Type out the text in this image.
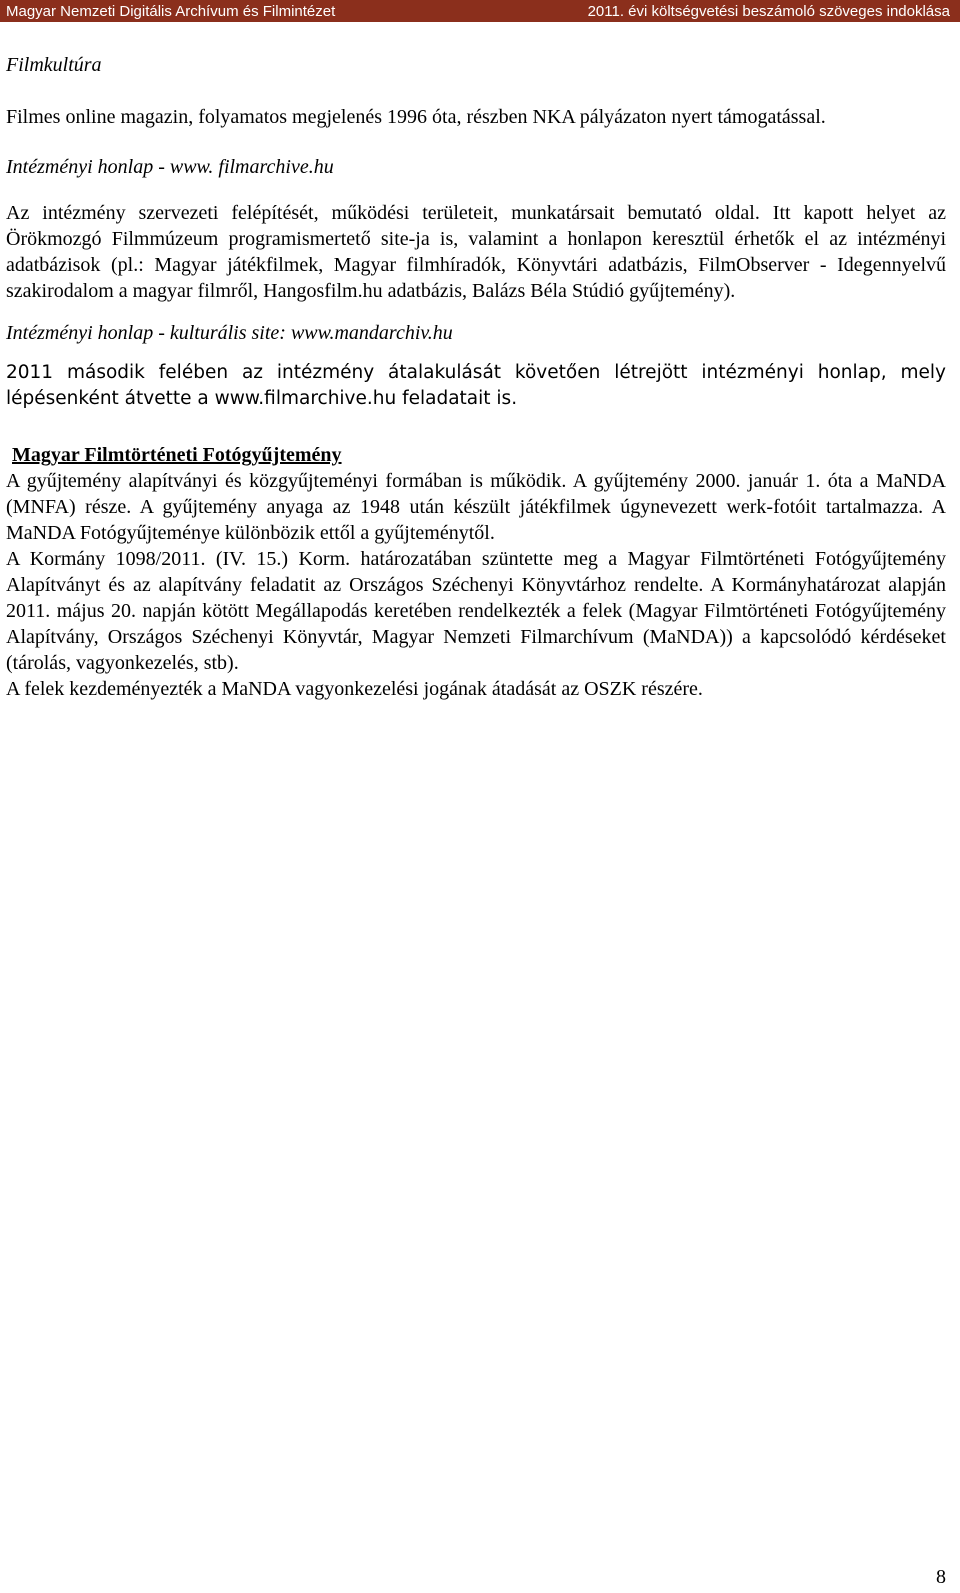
Magyar Nemzeti Digitális Archívum és Filmintézet	2011. évi költségvetési beszámoló szöveges indoklása

Filmkultúra

Filmes online magazin, folyamatos megjelenés 1996 óta, részben NKA pályázaton nyert támogatással.

Intézményi honlap - www. filmarchive.hu

Az intézmény szervezeti felépítését, működési területeit, munkatársait bemutató oldal. Itt kapott helyet az Örökmozgó Filmmúzeum programismertető site-ja is, valamint a honlapon keresztül érhetők el az intézményi adatbázisok (pl.: Magyar játékfilmek, Magyar filmhíradók, Könyvtári adatbázis, FilmObserver - Idegennyelvű szakirodalom a magyar filmről, Hangosfilm.hu adatbázis, Balázs Béla Stúdió gyűjtemény).

Intézményi honlap - kulturális site: www.mandarchiv.hu

2011 második felében az intézmény átalakulását követően létrejött intézményi honlap, mely lépésenként átvette a www.filmarchive.hu feladatait is.

Magyar Filmtörténeti Fotógyűjtemény

A gyűjtemény alapítványi és közgyűjteményi formában is működik. A gyűjtemény 2000. január 1. óta a MaNDA (MNFA) része. A gyűjtemény anyaga az 1948 után készült játékfilmek úgynevezett werk-fotóit tartalmazza. A MaNDA Fotógyűjteménye különbözik ettől a gyűjteménytől.

A Kormány 1098/2011. (IV. 15.) Korm. határozatában szüntette meg a Magyar Filmtörténeti Fotógyűjtemény Alapítványt és az alapítvány feladatit az Országos Széchenyi Könyvtárhoz rendelte. A Kormányhatározat alapján 2011. május 20. napján kötött Megállapodás keretében rendelkezték a felek (Magyar Filmtörténeti Fotógyűjtemény Alapítvány, Országos Széchenyi Könyvtár, Magyar Nemzeti Filmarchívum (MaNDA)) a kapcsolódó kérdéseket (tárolás, vagyonkezelés, stb).

A felek kezdeményezték a MaNDA vagyonkezelési jogának átadását az OSZK részére.

8
